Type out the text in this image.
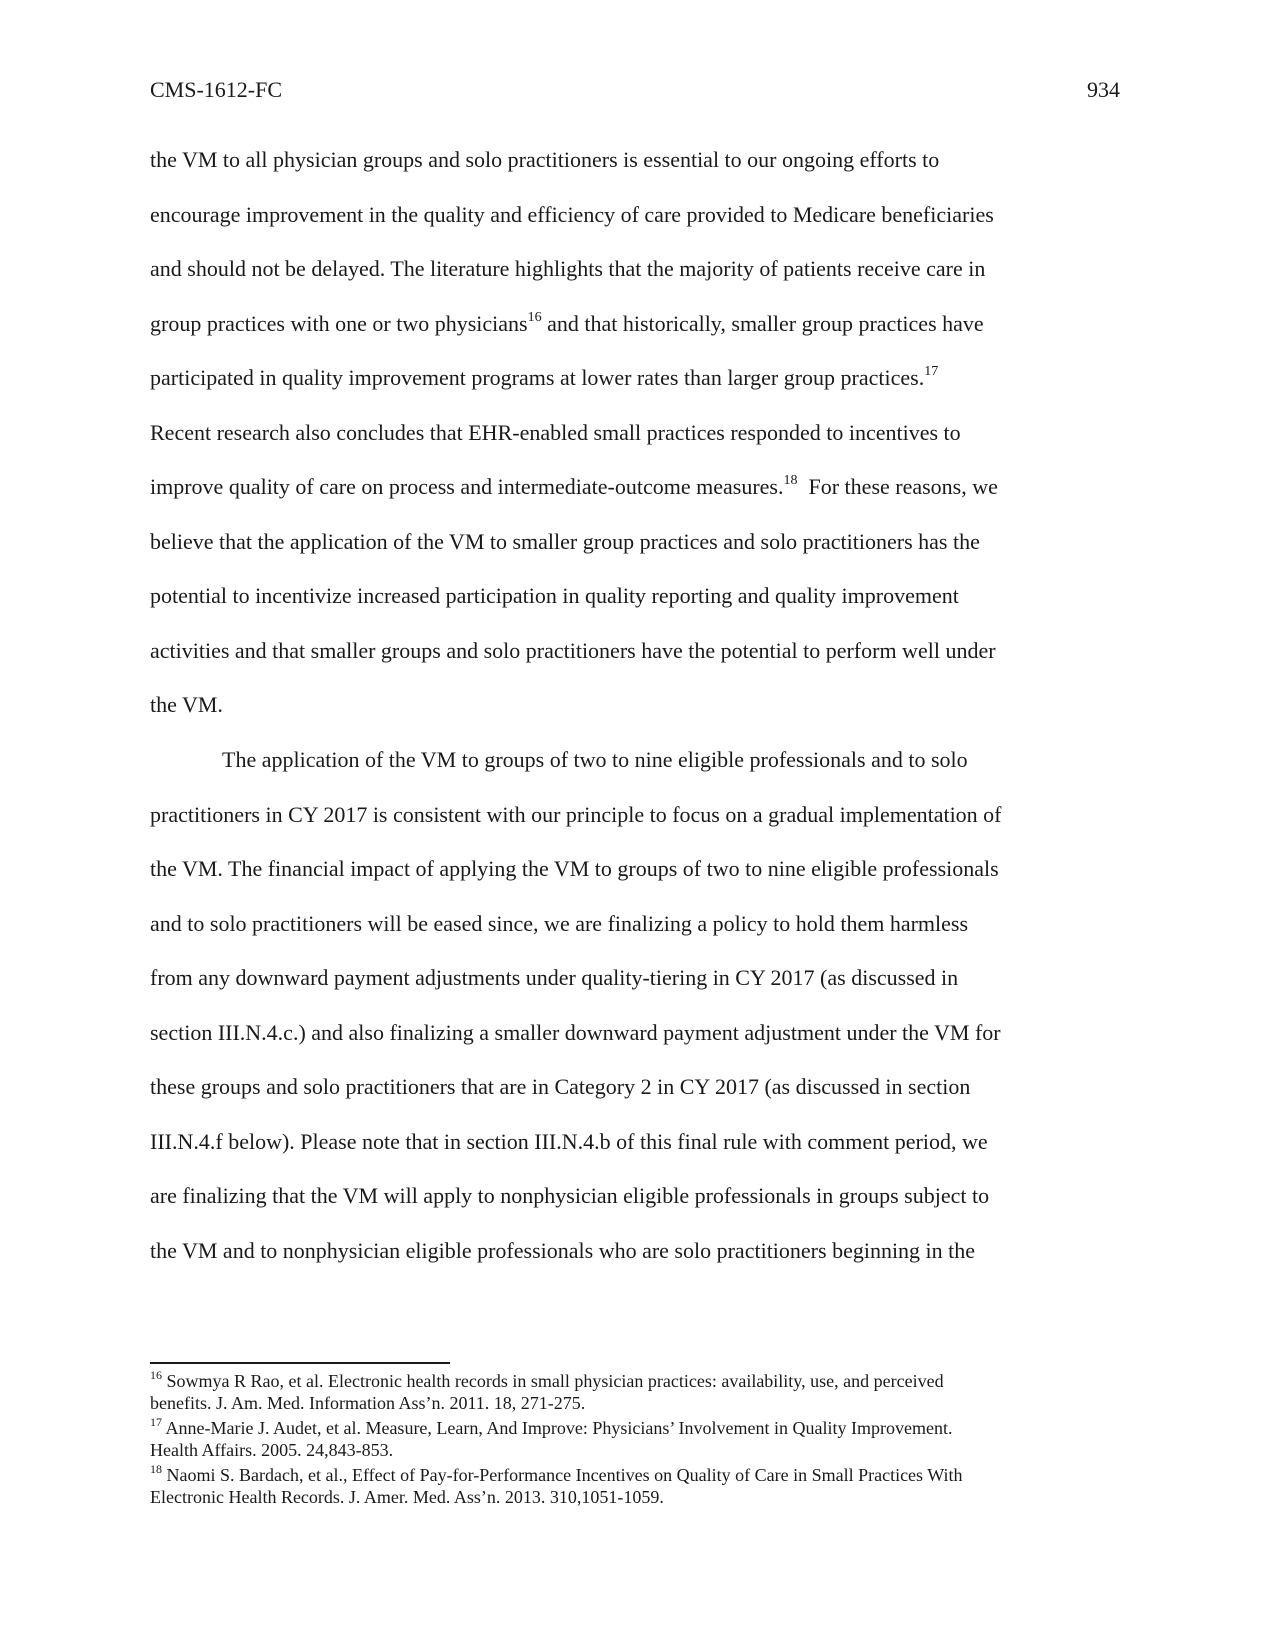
CMS-1612-FC	934
the VM to all physician groups and solo practitioners is essential to our ongoing efforts to
encourage improvement in the quality and efficiency of care provided to Medicare beneficiaries
and should not be delayed. The literature highlights that the majority of patients receive care in
group practices with one or two physicians$^{16}$ and that historically, smaller group practices have
participated in quality improvement programs at lower rates than larger group practices.$^{17}$
Recent research also concludes that EHR-enabled small practices responded to incentives to
improve quality of care on process and intermediate-outcome measures.$^{18}$  For these reasons, we
believe that the application of the VM to smaller group practices and solo practitioners has the
potential to incentivize increased participation in quality reporting and quality improvement
activities and that smaller groups and solo practitioners have the potential to perform well under
the VM.
The application of the VM to groups of two to nine eligible professionals and to solo
practitioners in CY 2017 is consistent with our principle to focus on a gradual implementation of
the VM. The financial impact of applying the VM to groups of two to nine eligible professionals
and to solo practitioners will be eased since, we are finalizing a policy to hold them harmless
from any downward payment adjustments under quality-tiering in CY 2017 (as discussed in
section III.N.4.c.) and also finalizing a smaller downward payment adjustment under the VM for
these groups and solo practitioners that are in Category 2 in CY 2017 (as discussed in section
III.N.4.f below). Please note that in section III.N.4.b of this final rule with comment period, we
are finalizing that the VM will apply to nonphysician eligible professionals in groups subject to
the VM and to nonphysician eligible professionals who are solo practitioners beginning in the
$^{16}$ Sowmya R Rao, et al. Electronic health records in small physician practices: availability, use, and perceived
benefits. J. Am. Med. Information Ass’n. 2011. 18, 271-275.
$^{17}$ Anne-Marie J. Audet, et al. Measure, Learn, And Improve: Physicians’ Involvement in Quality Improvement.
Health Affairs. 2005. 24,843-853.
$^{18}$ Naomi S. Bardach, et al., Effect of Pay-for-Performance Incentives on Quality of Care in Small Practices With
Electronic Health Records. J. Amer. Med. Ass’n. 2013. 310,1051-1059.
